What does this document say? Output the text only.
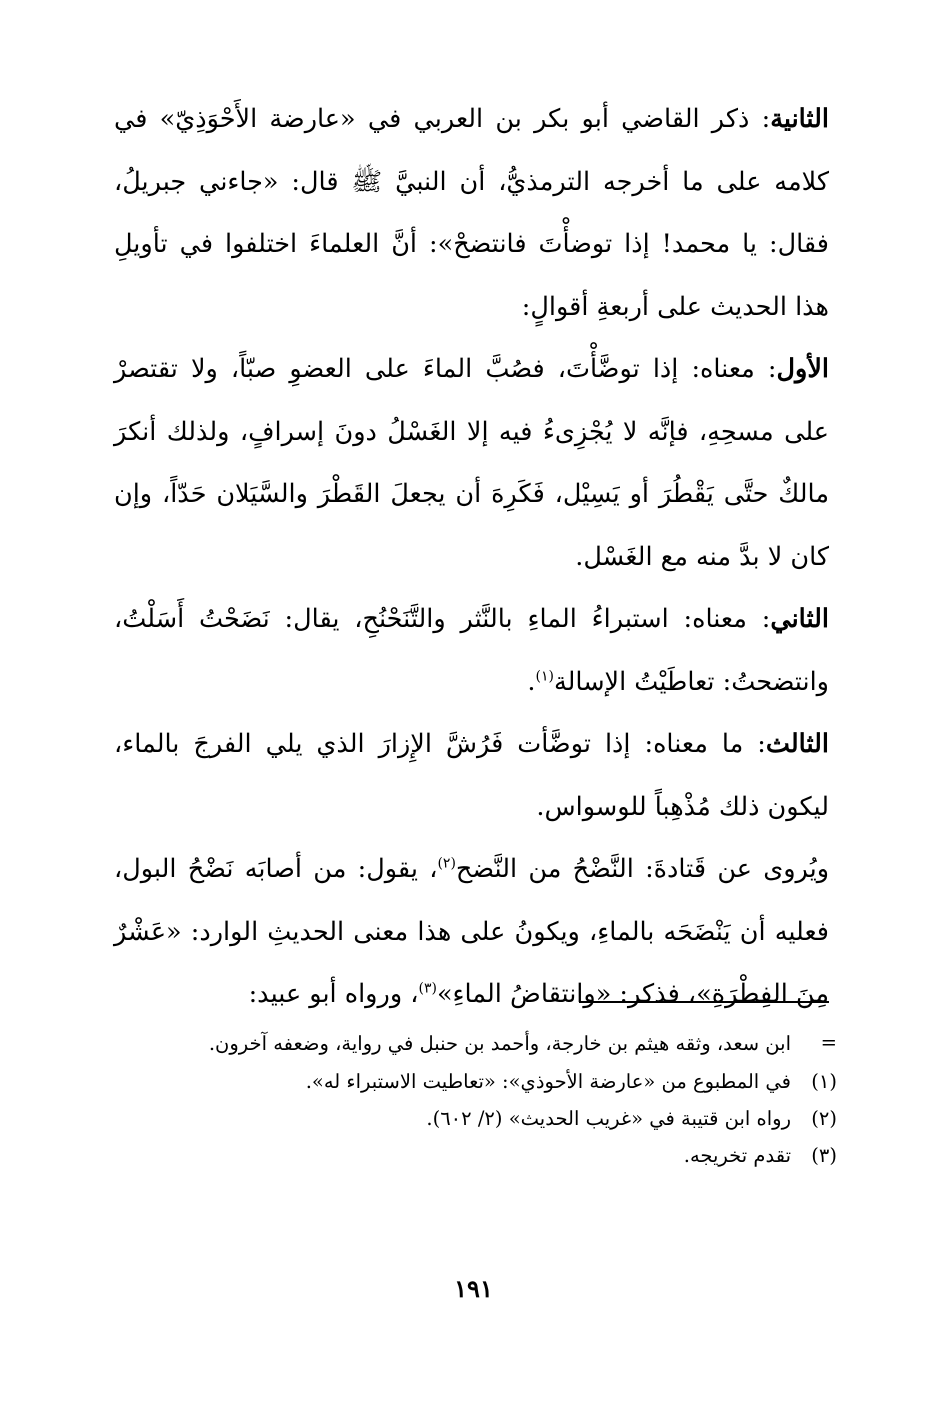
الثانية: ذكر القاضي أبو بكر بن العربي في «عارضة الأَحْوَذِيّ» في كلامه على ما أخرجه الترمذيُّ، أن النبيَّ ﷺ قال: «جاءني جبريلُ، فقال: يا محمد! إذا توضأْتَ فانتضحْ»: أنَّ العلماءَ اختلفوا في تأويلِ هذا الحديث على أربعةِ أقوالٍ:

الأول: معناه: إذا توضَّأْتَ، فصُبَّ الماءَ على العضوِ صبّاً، ولا تقتصرْ على مسحِهِ، فإنَّه لا يُجْزِىءُ فيه إلا الغَسْلُ دونَ إسرافٍ، ولذلك أنكرَ مالكٌ حتَّى يَقْطُرَ أو يَسِيْل، فَكَرِهَ أن يجعلَ القَطْرَ والسَّيَلان حَدّاً، وإن كان لا بدَّ منه مع الغَسْل.

الثاني: معناه: استبراءُ الماءِ بالنَّثر والتَّنَحْنُحِ، يقال: نَضَحْتُ أَسَلْتُ، وانتضحتُ: تعاطَيْتُ الإسالة$^{(١)}$.

الثالث: ما معناه: إذا توضَّأت فَرُشَّ الإِزارَ الذي يلي الفرجَ بالماء، ليكون ذلك مُذْهِباً للوسواس.

ويُروى عن قَتادةَ: النَّضْحُ من النَّضح$^{(٢)}$، يقول: من أصابَه نَضْحُ البول، فعليه أن يَنْضَحَه بالماءِ، ويكونُ على هذا معنى الحديثِ الوارد: «عَشْرٌ مِنَ الفِطْرَةِ»، فذكر: «وانتقاضُ الماءِ»$^{(٣)}$، ورواه أبو عبيد:

=
ابن سعد، وثقه هيثم بن خارجة، وأحمد بن حنبل في رواية، وضعفه آخرون.
(١)
في المطبوع من «عارضة الأحوذي»: «تعاطيت الاستبراء له».
(٢)
رواه ابن قتيبة في «غريب الحديث» (٢/ ٦٠٢).
(٣)
تقدم تخريجه.
١٩١
